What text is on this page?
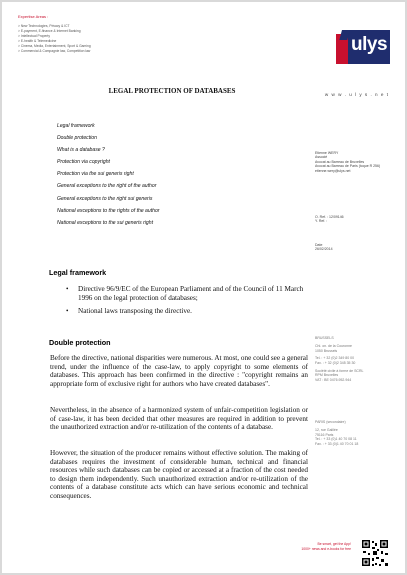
Expertise Areas :
> New Technologies, Privacy & ICT
> E-payment, E-finance & Internet Banking
> Intellectual Property
> E-health & Telemedicine
> Cinema, Media, Entertainment, Sport & Gaming
> Commercial & Compagnie law, Competition law	ulys
w w w . u l y s . n e t
LEGAL PROTECTION OF DATABASES
Legal framework
Double protection
What is a database ?
Protection via copyright
Protection via the sui generis right
General exceptions to the right of the author
General exceptions to the right sui generis
National exceptions to the rights of the author
National exceptions to the sui generis right
Etienne WERY
Associé
Avocat au Barreau de Bruxelles
Avocat au Barreau de Paris (toque R 256)
etienne.wery@ulys.net
O. Ref. : 12/09146
Y. Ref. :
Date
26/02/2014
BRUSSELS
Chl. on. de la Couronne
1050 Brussels
Tel. : + 32 (0)2 349 80 00
Fax. : + 32 (0)2 345 35 30
Société civile à forme de SCRL
RPM Bruxelles
VAT : BE 0476.952.944
PARIS (secondaire)
12, rue Galilée
75116 Paris
Tel. : + 33 (0)1 40 70 08 11
Fax. : + 33 (0)1 40 70 01 18
Legal framework
• Directive 96/9/EC of the European Parliament and of the Council of 11 March 1996 on the legal protection of databases;
• National laws transposing the directive.
Double protection
Before the directive, national disparities were numerous. At most, one could see a general trend, under the influence of the case-law, to apply copyright to some elements of databases. This approach has been confirmed in the directive : "copyright remains an appropriate form of exclusive right for authors who have created databases".
Nevertheless, in the absence of a harmonized system of unfair-competition legislation or of case-law, it has been decided that other measures are required in addition to prevent the unauthorized extraction and/or re-utilization of the contents of a database.
However, the situation of the producer remains without effective solution. The making of databases requires the investment of considerable human, technical and financial resources while such databases can be copied or accessed at a fraction of the cost needed to design them independently. Such unauthorized extraction and/or re-utilization of the contents of a database constitute acts which can have serious economic and technical consequences.
Be smart, get the App!
1000+ news and e-books for free
